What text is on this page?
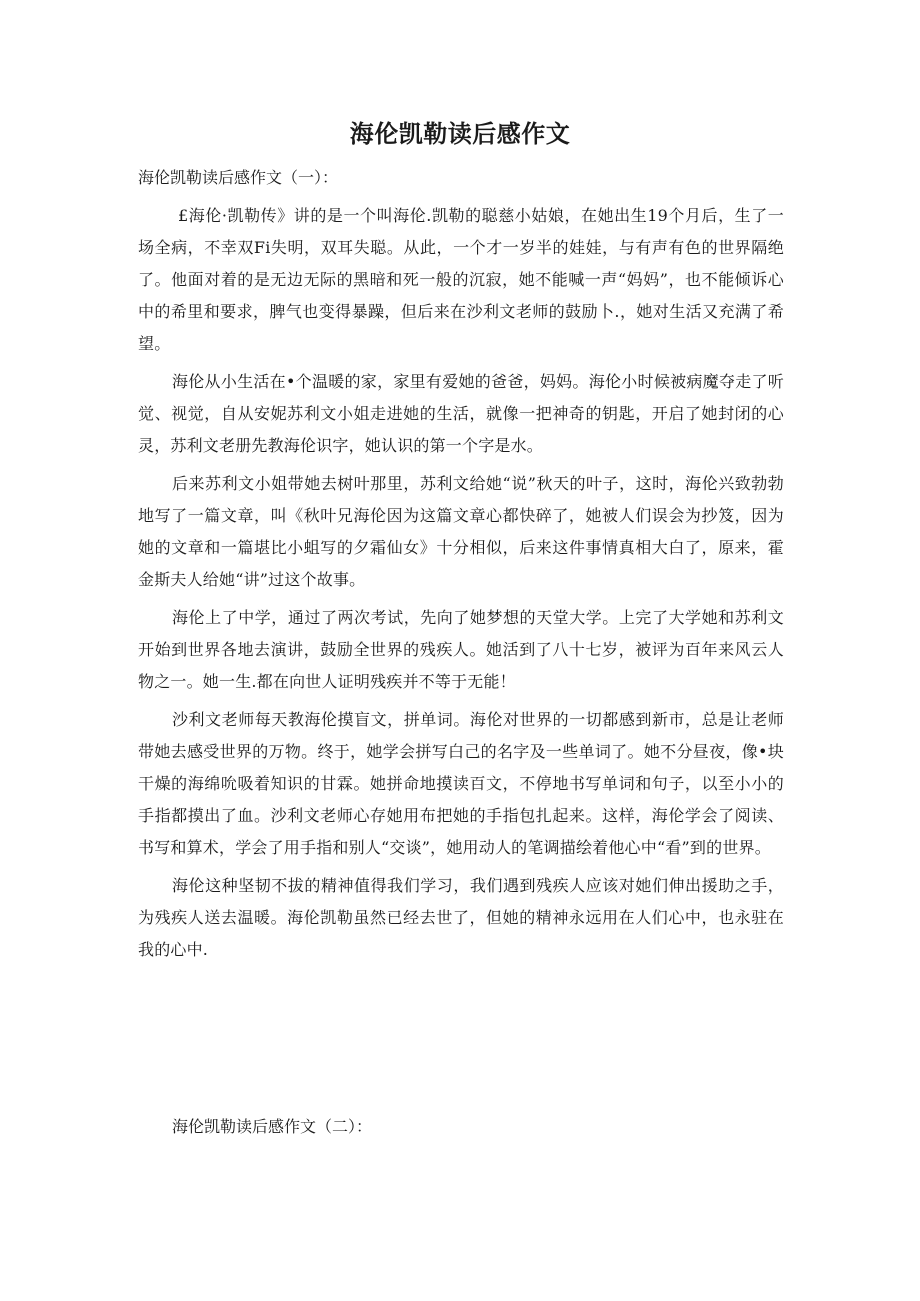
海伦凯勒读后感作文

海伦凯勒读后感作文（一）：

£海伦·凯勒传》讲的是一个叫海伦.凯勒的聪慈小姑娘，在她出生19个月后，生了一场全病，不幸双Fi失明，双耳失聪。从此，一个才一岁半的娃娃，与有声有色的世界隔绝了。他面对着的是无边无际的黑暗和死一般的沉寂，她不能喊一声“妈妈”，也不能倾诉心中的希里和要求，脾气也变得暴躁，但后来在沙利文老师的鼓励卜.，她对生活又充满了希望。

海伦从小生活在•个温暖的家，家里有爱她的爸爸，妈妈。海伦小时候被病魔夺走了听觉、视觉，自从安妮苏利文小姐走进她的生活，就像一把神奇的钥匙，开启了她封闭的心灵，苏利文老册先教海伦识字，她认识的第一个字是水。

后来苏利文小姐带她去树叶那里，苏利文给她“说”秋天的叶子，这时，海伦兴致勃勃地写了一篇文章，叫《秋叶兄海伦因为这篇文章心都快碎了，她被人们误会为抄笈，因为她的文章和一篇堪比小蛆写的夕霜仙女》十分相似，后来这件事情真相大白了，原来，霍金斯夫人给她“讲”过这个故事。

海伦上了中学，通过了两次考试，先向了她梦想的天堂大学。上完了大学她和苏利文开始到世界各地去演讲，鼓励全世界的残疾人。她活到了八十七岁，被评为百年来风云人物之一。她一生.都在向世人证明残疾并不等于无能！

沙利文老师每天教海伦摸盲文，拼单词。海伦对世界的一切都感到新市，总是让老师带她去感受世界的万物。终于，她学会拼写白己的名字及一些单词了。她不分昼夜，像•块干燥的海绵吮吸着知识的甘霖。她拼命地摸读百文，不停地书写单词和句子，以至小小的手指都摸出了血。沙利文老师心存她用布把她的手指包扎起来。这样，海伦学会了阅读、书写和算术，学会了用手指和别人“交谈”，她用动人的笔调描绘着他心中“看”到的世界。

海伦这种坚韧不拔的精神值得我们学习，我们遇到残疾人应该对她们伸出援助之手，为残疾人送去温暖。海伦凯勒虽然已经去世了，但她的精神永远用在人们心中，也永驻在我的心中.

海伦凯勒读后感作文（二）：
